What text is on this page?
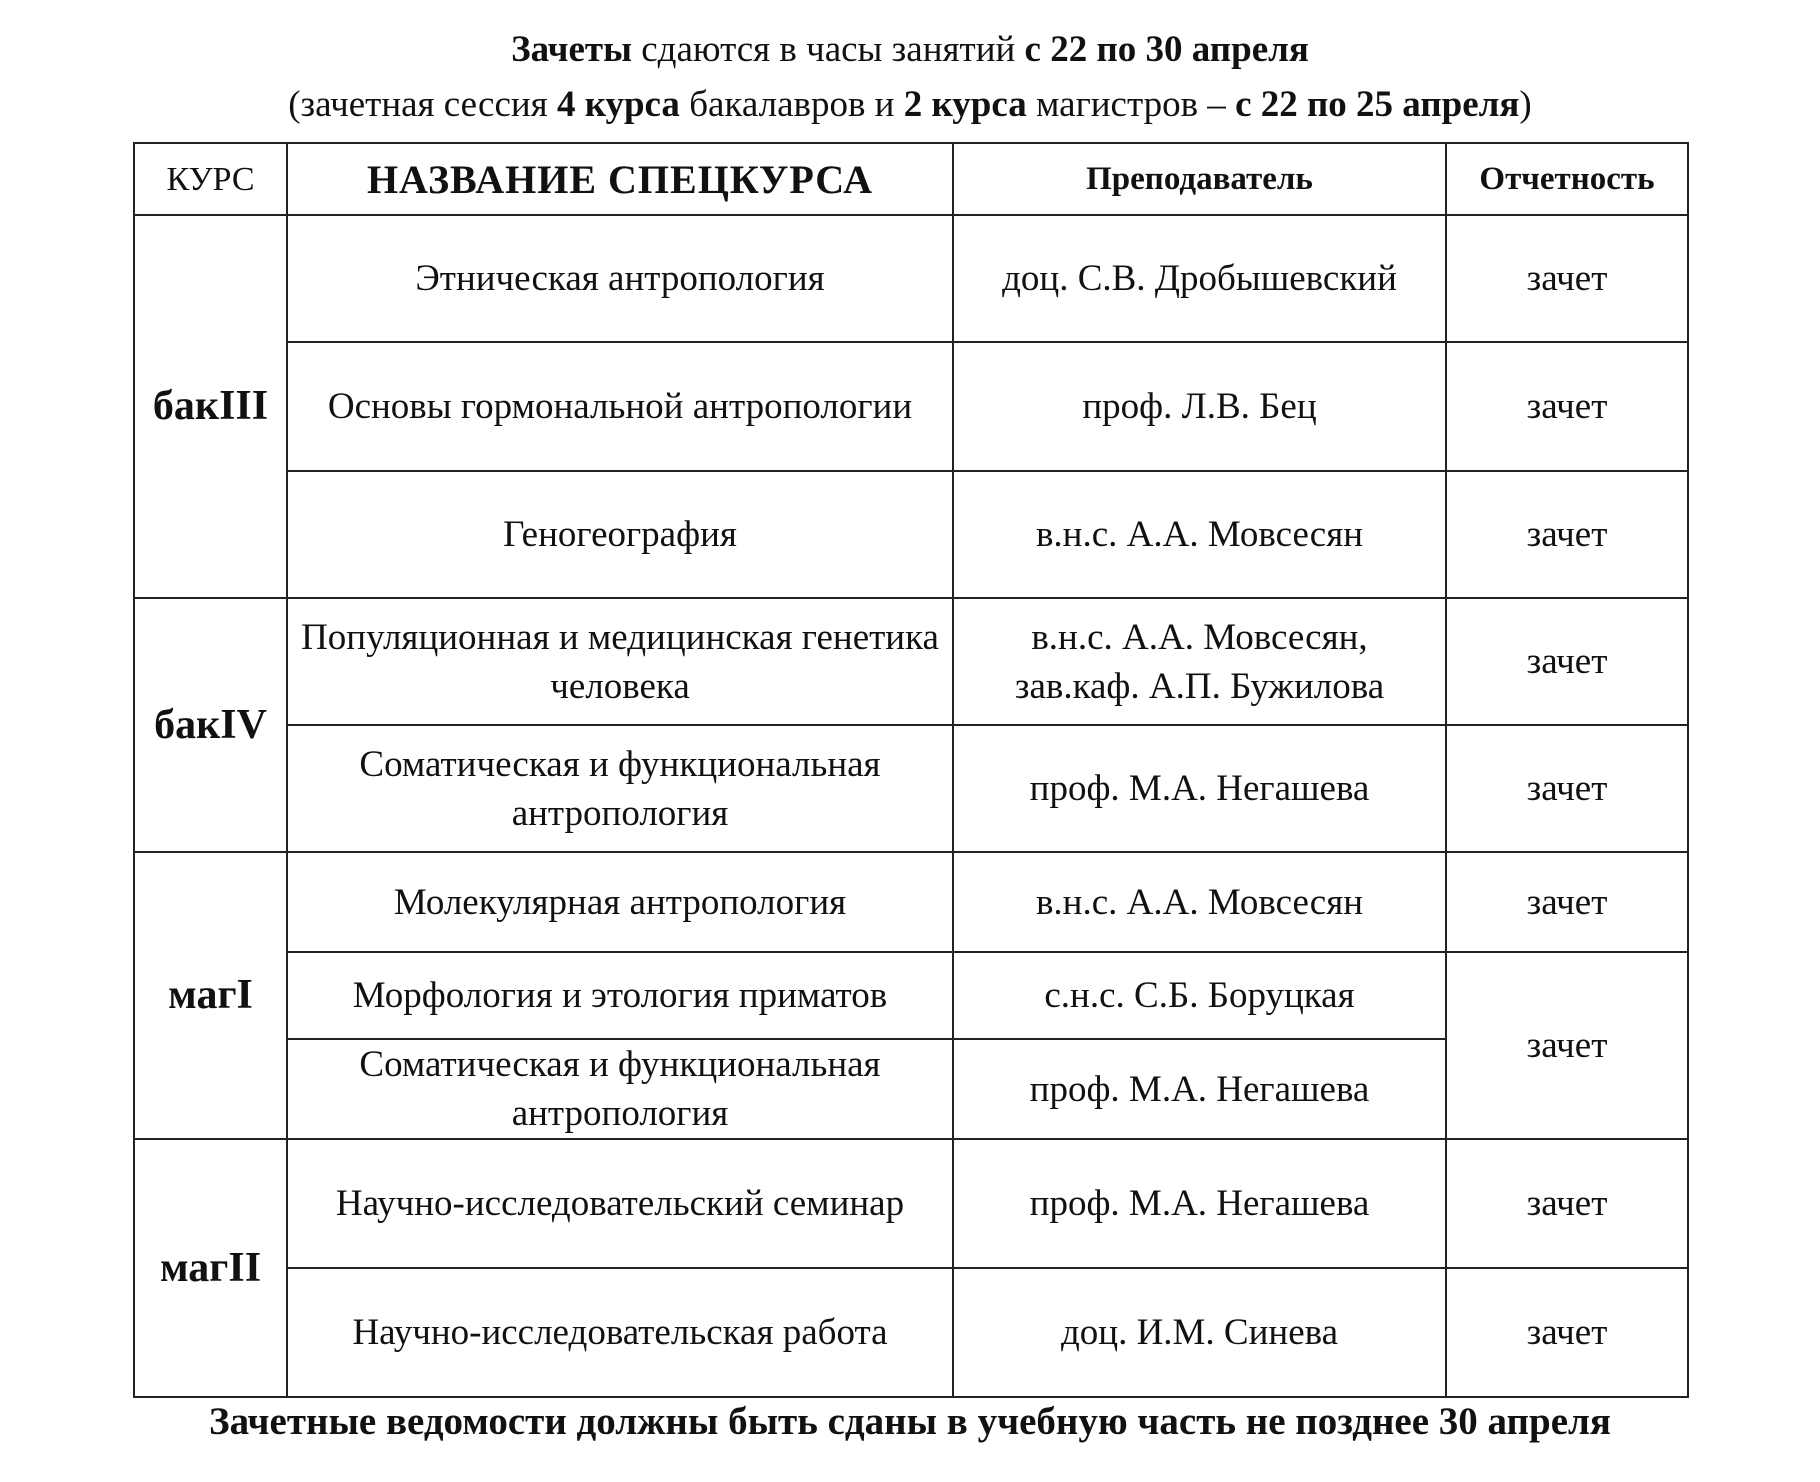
Зачеты сдаются в часы занятий с 22 по 30 апреля
(зачетная сессия 4 курса бакалавров и 2 курса магистров – с 22 по 25 апреля)
КУРС	НАЗВАНИЕ СПЕЦКУРСА	Преподаватель	Отчетность
бакIII	Этническая антропология	доц. С.В. Дробышевский	зачет
	Основы гормональной антропологии	проф. Л.В. Бец	зачет
	Геногеография	в.н.с. А.А. Мовсесян	зачет
бакIV	Популяционная и медицинская генетика человека	в.н.с. А.А. Мовсесян,
зав.каф. А.П. Бужилова	зачет
	Соматическая и функциональная антропология	проф. М.А. Негашева	зачет
магI	Молекулярная антропология	в.н.с. А.А. Мовсесян	зачет
	Морфология и этология приматов	с.н.с. С.Б. Боруцкая	зачет
	Соматическая и функциональная антропология	проф. М.А. Негашева	
магII	Научно-исследовательский семинар	проф. М.А. Негашева	зачет
	Научно-исследовательская работа	доц. И.М. Синева	зачет
Зачетные ведомости должны быть сданы в учебную часть не позднее 30 апреля
